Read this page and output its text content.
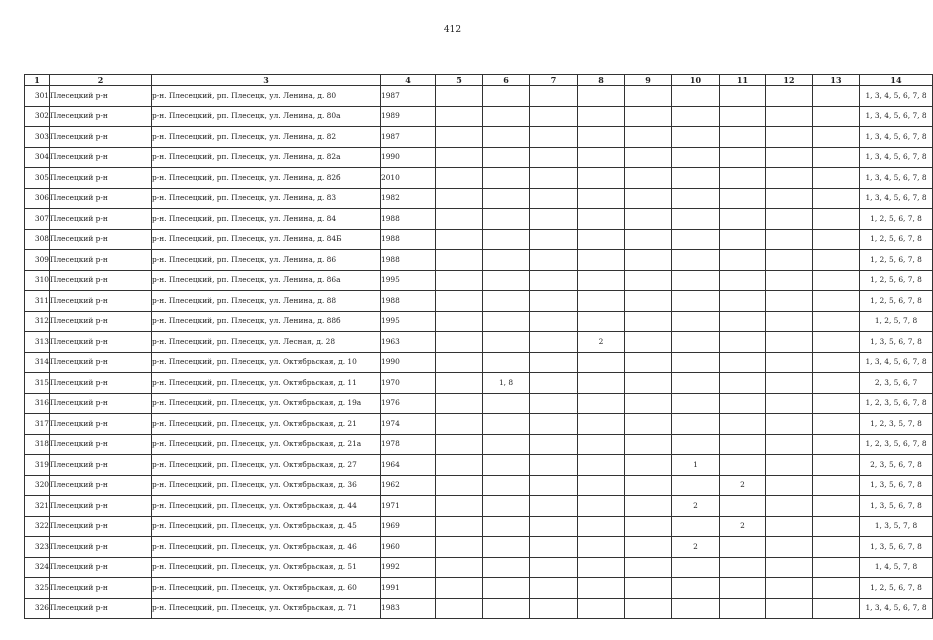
412
1	2	3	4	5	6	7	8	9	10	11	12	13	14
301	Плесецкий р-н	р-н. Плесецкий, рп. Плесецк, ул. Ленина, д. 80	1987										1, 3, 4, 5, 6, 7, 8
302	Плесецкий р-н	р-н. Плесецкий, рп. Плесецк, ул. Ленина, д. 80а	1989										1, 3, 4, 5, 6, 7, 8
303	Плесецкий р-н	р-н. Плесецкий, рп. Плесецк, ул. Ленина, д. 82	1987										1, 3, 4, 5, 6, 7, 8
304	Плесецкий р-н	р-н. Плесецкий, рп. Плесецк, ул. Ленина, д. 82а	1990										1, 3, 4, 5, 6, 7, 8
305	Плесецкий р-н	р-н. Плесецкий, рп. Плесецк, ул. Ленина, д. 82б	2010										1, 3, 4, 5, 6, 7, 8
306	Плесецкий р-н	р-н. Плесецкий, рп. Плесецк, ул. Ленина, д. 83	1982										1, 3, 4, 5, 6, 7, 8
307	Плесецкий р-н	р-н. Плесецкий, рп. Плесецк, ул. Ленина, д. 84	1988										1, 2, 5, 6, 7, 8
308	Плесецкий р-н	р-н. Плесецкий, рп. Плесецк, ул. Ленина, д. 84Б	1988										1, 2, 5, 6, 7, 8
309	Плесецкий р-н	р-н. Плесецкий, рп. Плесецк, ул. Ленина, д. 86	1988										1, 2, 5, 6, 7, 8
310	Плесецкий р-н	р-н. Плесецкий, рп. Плесецк, ул. Ленина, д. 86а	1995										1, 2, 5, 6, 7, 8
311	Плесецкий р-н	р-н. Плесецкий, рп. Плесецк, ул. Ленина, д. 88	1988										1, 2, 5, 6, 7, 8
312	Плесецкий р-н	р-н. Плесецкий, рп. Плесецк, ул. Ленина, д. 88б	1995										1, 2, 5, 7, 8
313	Плесецкий р-н	р-н. Плесецкий, рп. Плесецк, ул. Лесная, д. 28	1963				2						1, 3, 5, 6, 7, 8
314	Плесецкий р-н	р-н. Плесецкий, рп. Плесецк, ул. Октябрьская, д. 10	1990										1, 3, 4, 5, 6, 7, 8
315	Плесецкий р-н	р-н. Плесецкий, рп. Плесецк, ул. Октябрьская, д. 11	1970		1, 8								2, 3, 5, 6, 7
316	Плесецкий р-н	р-н. Плесецкий, рп. Плесецк, ул. Октябрьская, д. 19а	1976										1, 2, 3, 5, 6, 7, 8
317	Плесецкий р-н	р-н. Плесецкий, рп. Плесецк, ул. Октябрьская, д. 21	1974										1, 2, 3, 5, 7, 8
318	Плесецкий р-н	р-н. Плесецкий, рп. Плесецк, ул. Октябрьская, д. 21а	1978										1, 2, 3, 5, 6, 7, 8
319	Плесецкий р-н	р-н. Плесецкий, рп. Плесецк, ул. Октябрьская, д. 27	1964						1				2, 3, 5, 6, 7, 8
320	Плесецкий р-н	р-н. Плесецкий, рп. Плесецк, ул. Октябрьская, д. 36	1962							2			1, 3, 5, 6, 7, 8
321	Плесецкий р-н	р-н. Плесецкий, рп. Плесецк, ул. Октябрьская, д. 44	1971						2				1, 3, 5, 6, 7, 8
322	Плесецкий р-н	р-н. Плесецкий, рп. Плесецк, ул. Октябрьская, д. 45	1969							2			1, 3, 5, 7, 8
323	Плесецкий р-н	р-н. Плесецкий, рп. Плесецк, ул. Октябрьская, д. 46	1960						2				1, 3, 5, 6, 7, 8
324	Плесецкий р-н	р-н. Плесецкий, рп. Плесецк, ул. Октябрьская, д. 51	1992										1, 4, 5, 7, 8
325	Плесецкий р-н	р-н. Плесецкий, рп. Плесецк, ул. Октябрьская, д. 60	1991										1, 2, 5, 6, 7, 8
326	Плесецкий р-н	р-н. Плесецкий, рп. Плесецк, ул. Октябрьская, д. 71	1983										1, 3, 4, 5, 6, 7, 8
